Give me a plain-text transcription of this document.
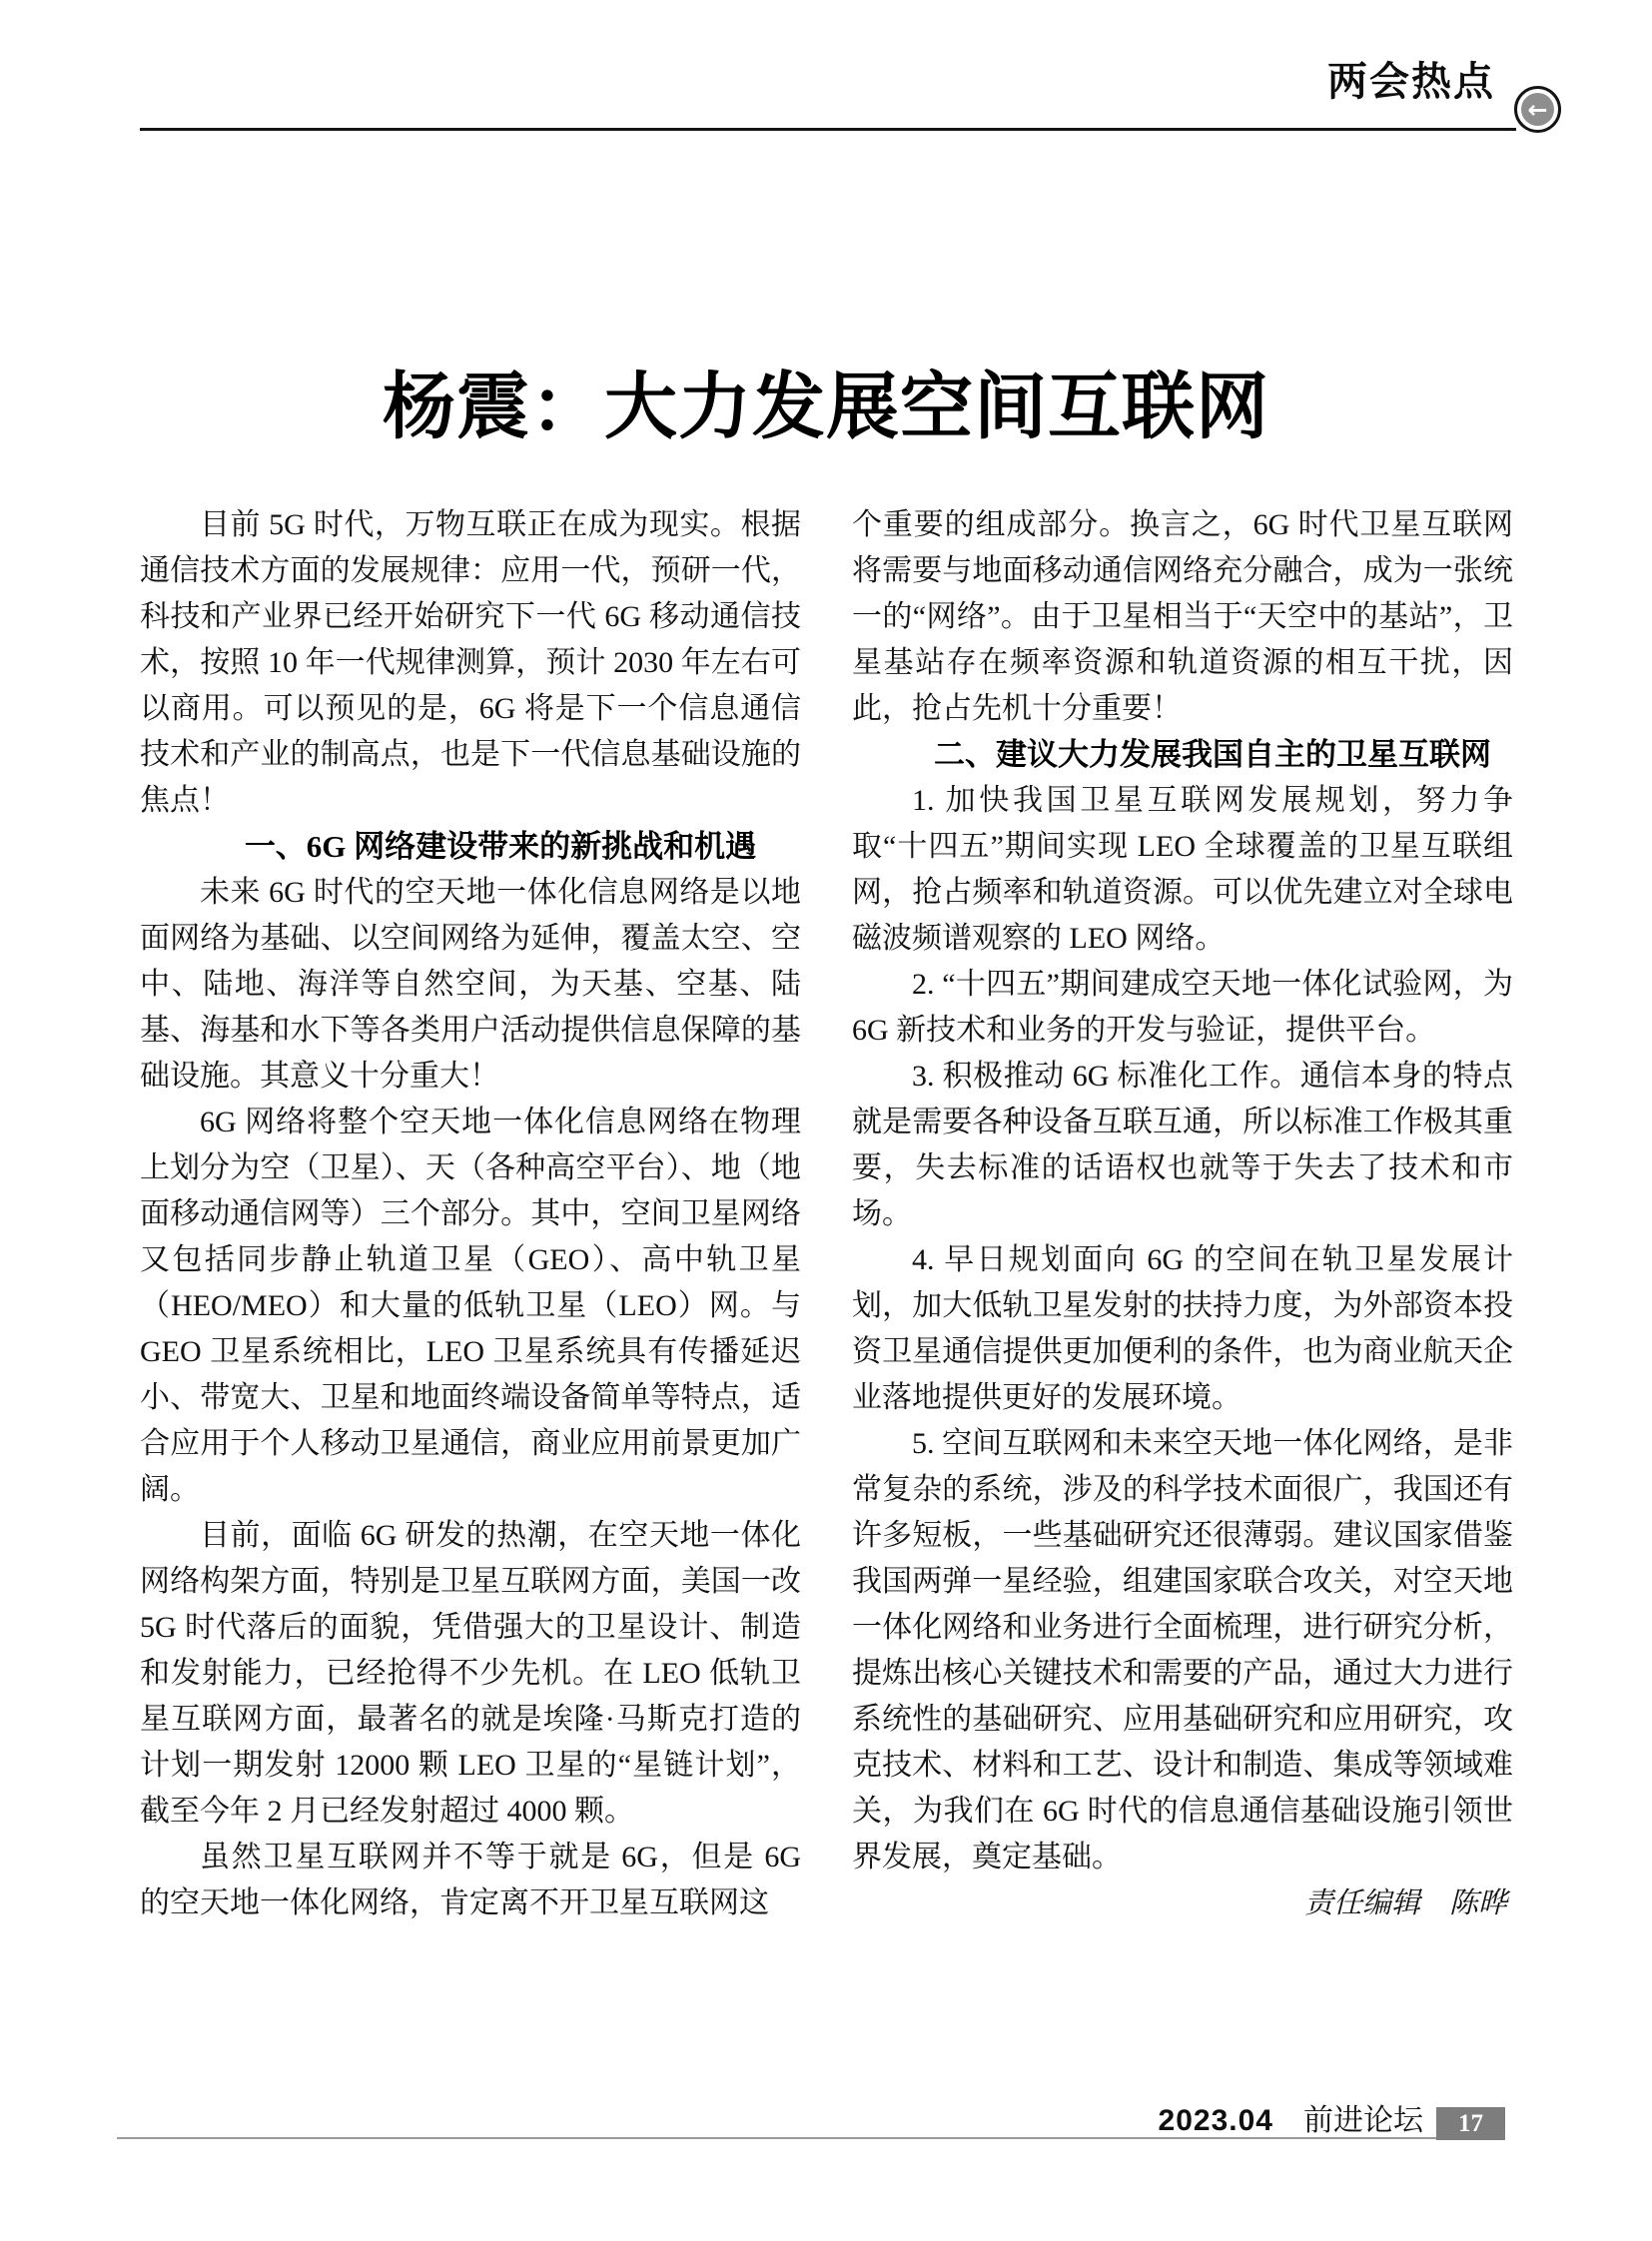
两会热点
←
杨震：大力发展空间互联网

目前 5G 时代，万物互联正在成为现实。根据通信技术方面的发展规律：应用一代，预研一代，科技和产业界已经开始研究下一代 6G 移动通信技术，按照 10 年一代规律测算，预计 2030 年左右可以商用。可以预见的是，6G 将是下一个信息通信技术和产业的制高点，也是下一代信息基础设施的焦点！

一、6G 网络建设带来的新挑战和机遇

未来 6G 时代的空天地一体化信息网络是以地面网络为基础、以空间网络为延伸，覆盖太空、空中、陆地、海洋等自然空间，为天基、空基、陆基、海基和水下等各类用户活动提供信息保障的基础设施。其意义十分重大！

6G 网络将整个空天地一体化信息网络在物理上划分为空（卫星）、天（各种高空平台）、地（地面移动通信网等）三个部分。其中，空间卫星网络又包括同步静止轨道卫星（GEO）、高中轨卫星（HEO/MEO）和大量的低轨卫星（LEO）网。与 GEO 卫星系统相比，LEO 卫星系统具有传播延迟小、带宽大、卫星和地面终端设备简单等特点，适合应用于个人移动卫星通信，商业应用前景更加广阔。

目前，面临 6G 研发的热潮，在空天地一体化网络构架方面，特别是卫星互联网方面，美国一改 5G 时代落后的面貌，凭借强大的卫星设计、制造和发射能力，已经抢得不少先机。在 LEO 低轨卫星互联网方面，最著名的就是埃隆·马斯克打造的计划一期发射 12000 颗 LEO 卫星的“星链计划”，截至今年 2 月已经发射超过 4000 颗。

虽然卫星互联网并不等于就是 6G，但是 6G 的空天地一体化网络，肯定离不开卫星互联网这

个重要的组成部分。换言之，6G 时代卫星互联网将需要与地面移动通信网络充分融合，成为一张统一的“网络”。由于卫星相当于“天空中的基站”，卫星基站存在频率资源和轨道资源的相互干扰，因此，抢占先机十分重要！

二、建议大力发展我国自主的卫星互联网

1. 加快我国卫星互联网发展规划，努力争取“十四五”期间实现 LEO 全球覆盖的卫星互联组网，抢占频率和轨道资源。可以优先建立对全球电磁波频谱观察的 LEO 网络。

2. “十四五”期间建成空天地一体化试验网，为 6G 新技术和业务的开发与验证，提供平台。

3. 积极推动 6G 标准化工作。通信本身的特点就是需要各种设备互联互通，所以标准工作极其重要，失去标准的话语权也就等于失去了技术和市场。

4. 早日规划面向 6G 的空间在轨卫星发展计划，加大低轨卫星发射的扶持力度，为外部资本投资卫星通信提供更加便利的条件，也为商业航天企业落地提供更好的发展环境。

5. 空间互联网和未来空天地一体化网络，是非常复杂的系统，涉及的科学技术面很广，我国还有许多短板，一些基础研究还很薄弱。建议国家借鉴我国两弹一星经验，组建国家联合攻关，对空天地一体化网络和业务进行全面梳理，进行研究分析，提炼出核心关键技术和需要的产品，通过大力进行系统性的基础研究、应用基础研究和应用研究，攻克技术、材料和工艺、设计和制造、集成等领域难关，为我们在 6G 时代的信息通信基础设施引领世界发展，奠定基础。

责任编辑　陈晔

2023.04 前进论坛 17
